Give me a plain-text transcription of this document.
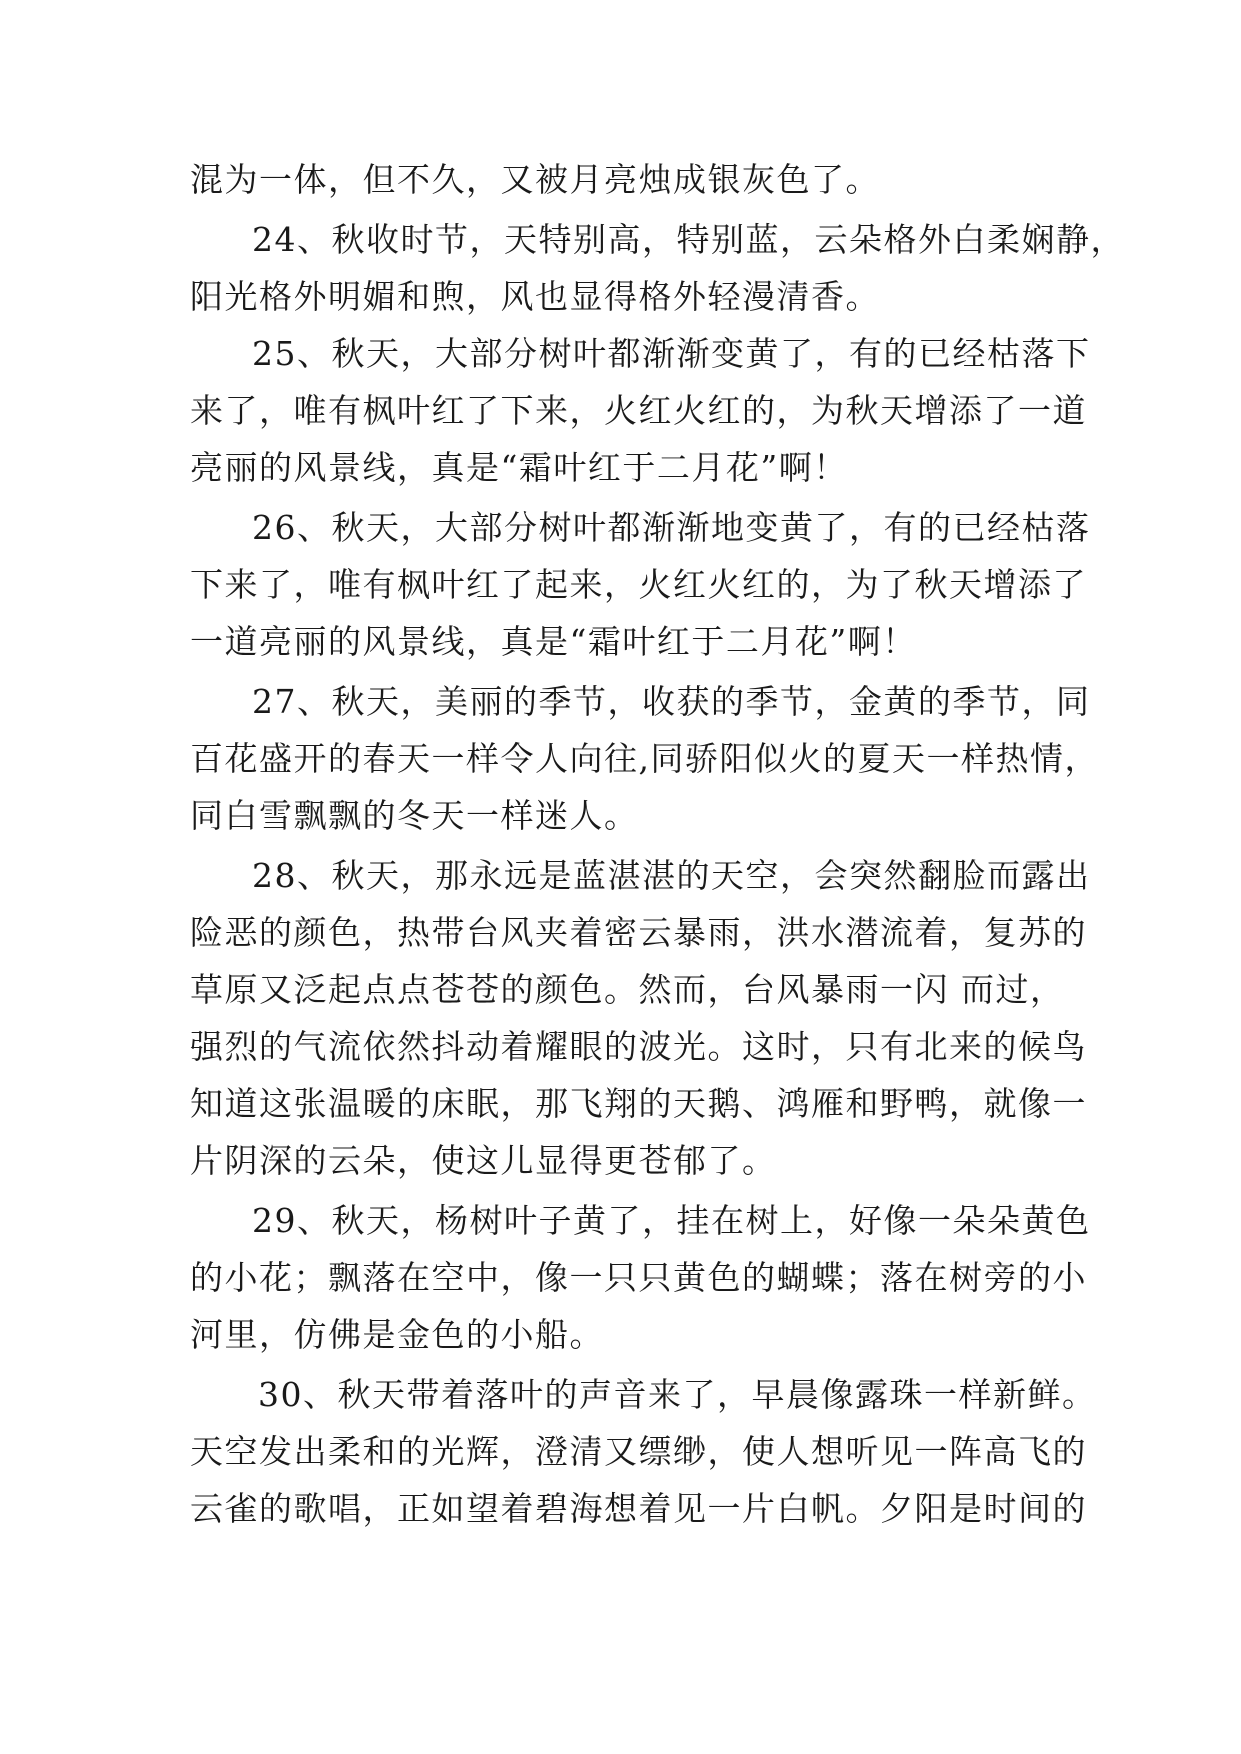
混为一体，但不久，又被月亮烛成银灰色了。
24、秋收时节，天特别高，特别蓝，云朵格外白柔娴静，
阳光格外明媚和煦，风也显得格外轻漫清香。
25、秋天，大部分树叶都渐渐变黄了，有的已经枯落下
来了，唯有枫叶红了下来，火红火红的，为秋天增添了一道
亮丽的风景线，真是“霜叶红于二月花”啊！
26、秋天，大部分树叶都渐渐地变黄了，有的已经枯落
下来了，唯有枫叶红了起来，火红火红的，为了秋天增添了
一道亮丽的风景线，真是“霜叶红于二月花”啊！
27、秋天，美丽的季节，收获的季节，金黄的季节，同
百花盛开的春天一样令人向往,同骄阳似火的夏天一样热情，
同白雪飘飘的冬天一样迷人。
28、秋天，那永远是蓝湛湛的天空，会突然翻脸而露出
险恶的颜色，热带台风夹着密云暴雨，洪水潜流着，复苏的
草原又泛起点点苍苍的颜色。然而，台风暴雨一闪 而过，
强烈的气流依然抖动着耀眼的波光。这时，只有北来的候鸟
知道这张温暖的床眠，那飞翔的天鹅、鸿雁和野鸭，就像一
片阴深的云朵，使这儿显得更苍郁了。
29、秋天，杨树叶子黄了，挂在树上，好像一朵朵黄色
的小花；飘落在空中，像一只只黄色的蝴蝶；落在树旁的小
河里，仿佛是金色的小船。
30、秋天带着落叶的声音来了，早晨像露珠一样新鲜。
天空发出柔和的光辉，澄清又缥缈，使人想听见一阵高飞的
云雀的歌唱，正如望着碧海想着见一片白帆。夕阳是时间的
